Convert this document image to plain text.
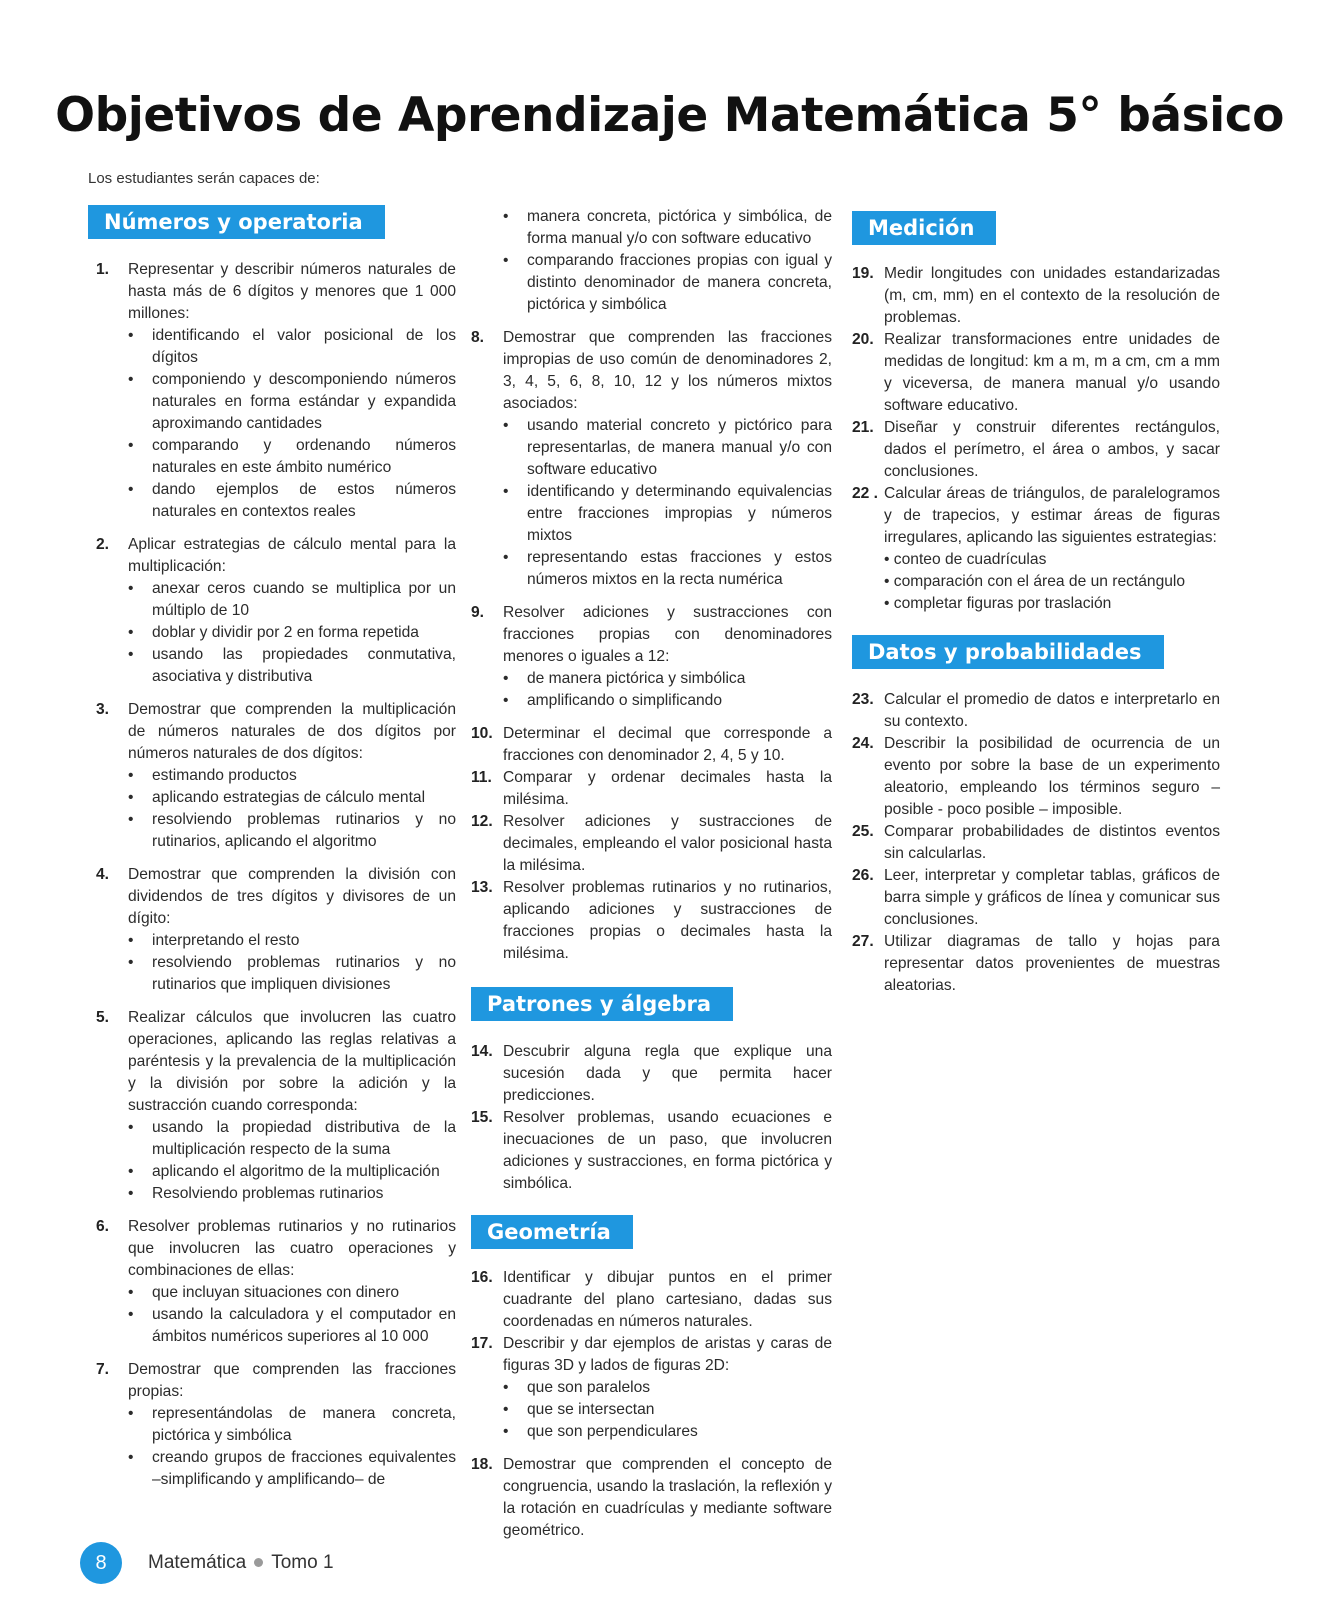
Objetivos de Aprendizaje Matemática 5° básico
Los estudiantes serán capaces de:
Números y operatoria
1. Representar y describir números naturales de hasta más de 6 dígitos y menores que 1 000 millones:
• identificando el valor posicional de los dígitos
• componiendo y descomponiendo números naturales en forma estándar y expandida aproximando cantidades
• comparando y ordenando números naturales en este ámbito numérico
• dando ejemplos de estos números naturales en contextos reales
2. Aplicar estrategias de cálculo mental para la multiplicación:
• anexar ceros cuando se multiplica por un múltiplo de 10
• doblar y dividir por 2 en forma repetida
• usando las propiedades conmutativa, asociativa y distributiva
3. Demostrar que comprenden la multiplicación de números naturales de dos dígitos por números naturales de dos dígitos:
• estimando productos
• aplicando estrategias de cálculo mental
• resolviendo problemas rutinarios y no rutinarios, aplicando el algoritmo
4. Demostrar que comprenden la división con dividendos de tres dígitos y divisores de un dígito:
• interpretando el resto
• resolviendo problemas rutinarios y no rutinarios que impliquen divisiones
5. Realizar cálculos que involucren las cuatro operaciones, aplicando las reglas relativas a paréntesis y la prevalencia de la multiplicación y la división por sobre la adición y la sustracción cuando corresponda:
• usando la propiedad distributiva de la multiplicación respecto de la suma
• aplicando el algoritmo de la multiplicación
• Resolviendo problemas rutinarios
6. Resolver problemas rutinarios y no rutinarios que involucren las cuatro operaciones y combinaciones de ellas:
• que incluyan situaciones con dinero
• usando la calculadora y el computador en ámbitos numéricos superiores al 10 000
7. Demostrar que comprenden las fracciones propias:
• representándolas de manera concreta, pictórica y simbólica
• creando grupos de fracciones equivalentes –simplificando y amplificando– de
• manera concreta, pictórica y simbólica, de forma manual y/o con software educativo
• comparando fracciones propias con igual y distinto denominador de manera concreta, pictórica y simbólica
8. Demostrar que comprenden las fracciones impropias de uso común de denominadores 2, 3, 4, 5, 6, 8, 10, 12 y los números mixtos asociados:
• usando material concreto y pictórico para representarlas, de manera manual y/o con software educativo
• identificando y determinando equivalencias entre fracciones impropias y números mixtos
• representando estas fracciones y estos números mixtos en la recta numérica
9. Resolver adiciones y sustracciones con fracciones propias con denominadores menores o iguales a 12:
• de manera pictórica y simbólica
• amplificando o simplificando
10. Determinar el decimal que corresponde a fracciones con denominador 2, 4, 5 y 10.
11. Comparar y ordenar decimales hasta la milésima.
12. Resolver adiciones y sustracciones de decimales, empleando el valor posicional hasta la milésima.
13. Resolver problemas rutinarios y no rutinarios, aplicando adiciones y sustracciones de fracciones propias o decimales hasta la milésima.
Patrones y álgebra
14. Descubrir alguna regla que explique una sucesión dada y que permita hacer predicciones.
15. Resolver problemas, usando ecuaciones e inecuaciones de un paso, que involucren adiciones y sustracciones, en forma pictórica y simbólica.
Geometría
16. Identificar y dibujar puntos en el primer cuadrante del plano cartesiano, dadas sus coordenadas en números naturales.
17. Describir y dar ejemplos de aristas y caras de figuras 3D y lados de figuras 2D:
• que son paralelos
• que se intersectan
• que son perpendiculares
18. Demostrar que comprenden el concepto de congruencia, usando la traslación, la reflexión y la rotación en cuadrículas y mediante software geométrico.
Medición
19. Medir longitudes con unidades estandarizadas (m, cm, mm) en el contexto de la resolución de problemas.
20. Realizar transformaciones entre unidades de medidas de longitud: km a m, m a cm, cm a mm y viceversa, de manera manual y/o usando software educativo.
21. Diseñar y construir diferentes rectángulos, dados el perímetro, el área o ambos, y sacar conclusiones.
22 . Calcular áreas de triángulos, de paralelogramos y de trapecios, y estimar áreas de figuras irregulares, aplicando las siguientes estrategias:
• conteo de cuadrículas
• comparación con el área de un rectángulo
• completar figuras por traslación
Datos y probabilidades
23. Calcular el promedio de datos e interpretarlo en su contexto.
24. Describir la posibilidad de ocurrencia de un evento por sobre la base de un experimento aleatorio, empleando los términos seguro – posible - poco posible – imposible.
25. Comparar probabilidades de distintos eventos sin calcularlas.
26. Leer, interpretar y completar tablas, gráficos de barra simple y gráficos de línea y comunicar sus conclusiones.
27. Utilizar diagramas de tallo y hojas para representar datos provenientes de muestras aleatorias.
8	Matemática Tomo 1
